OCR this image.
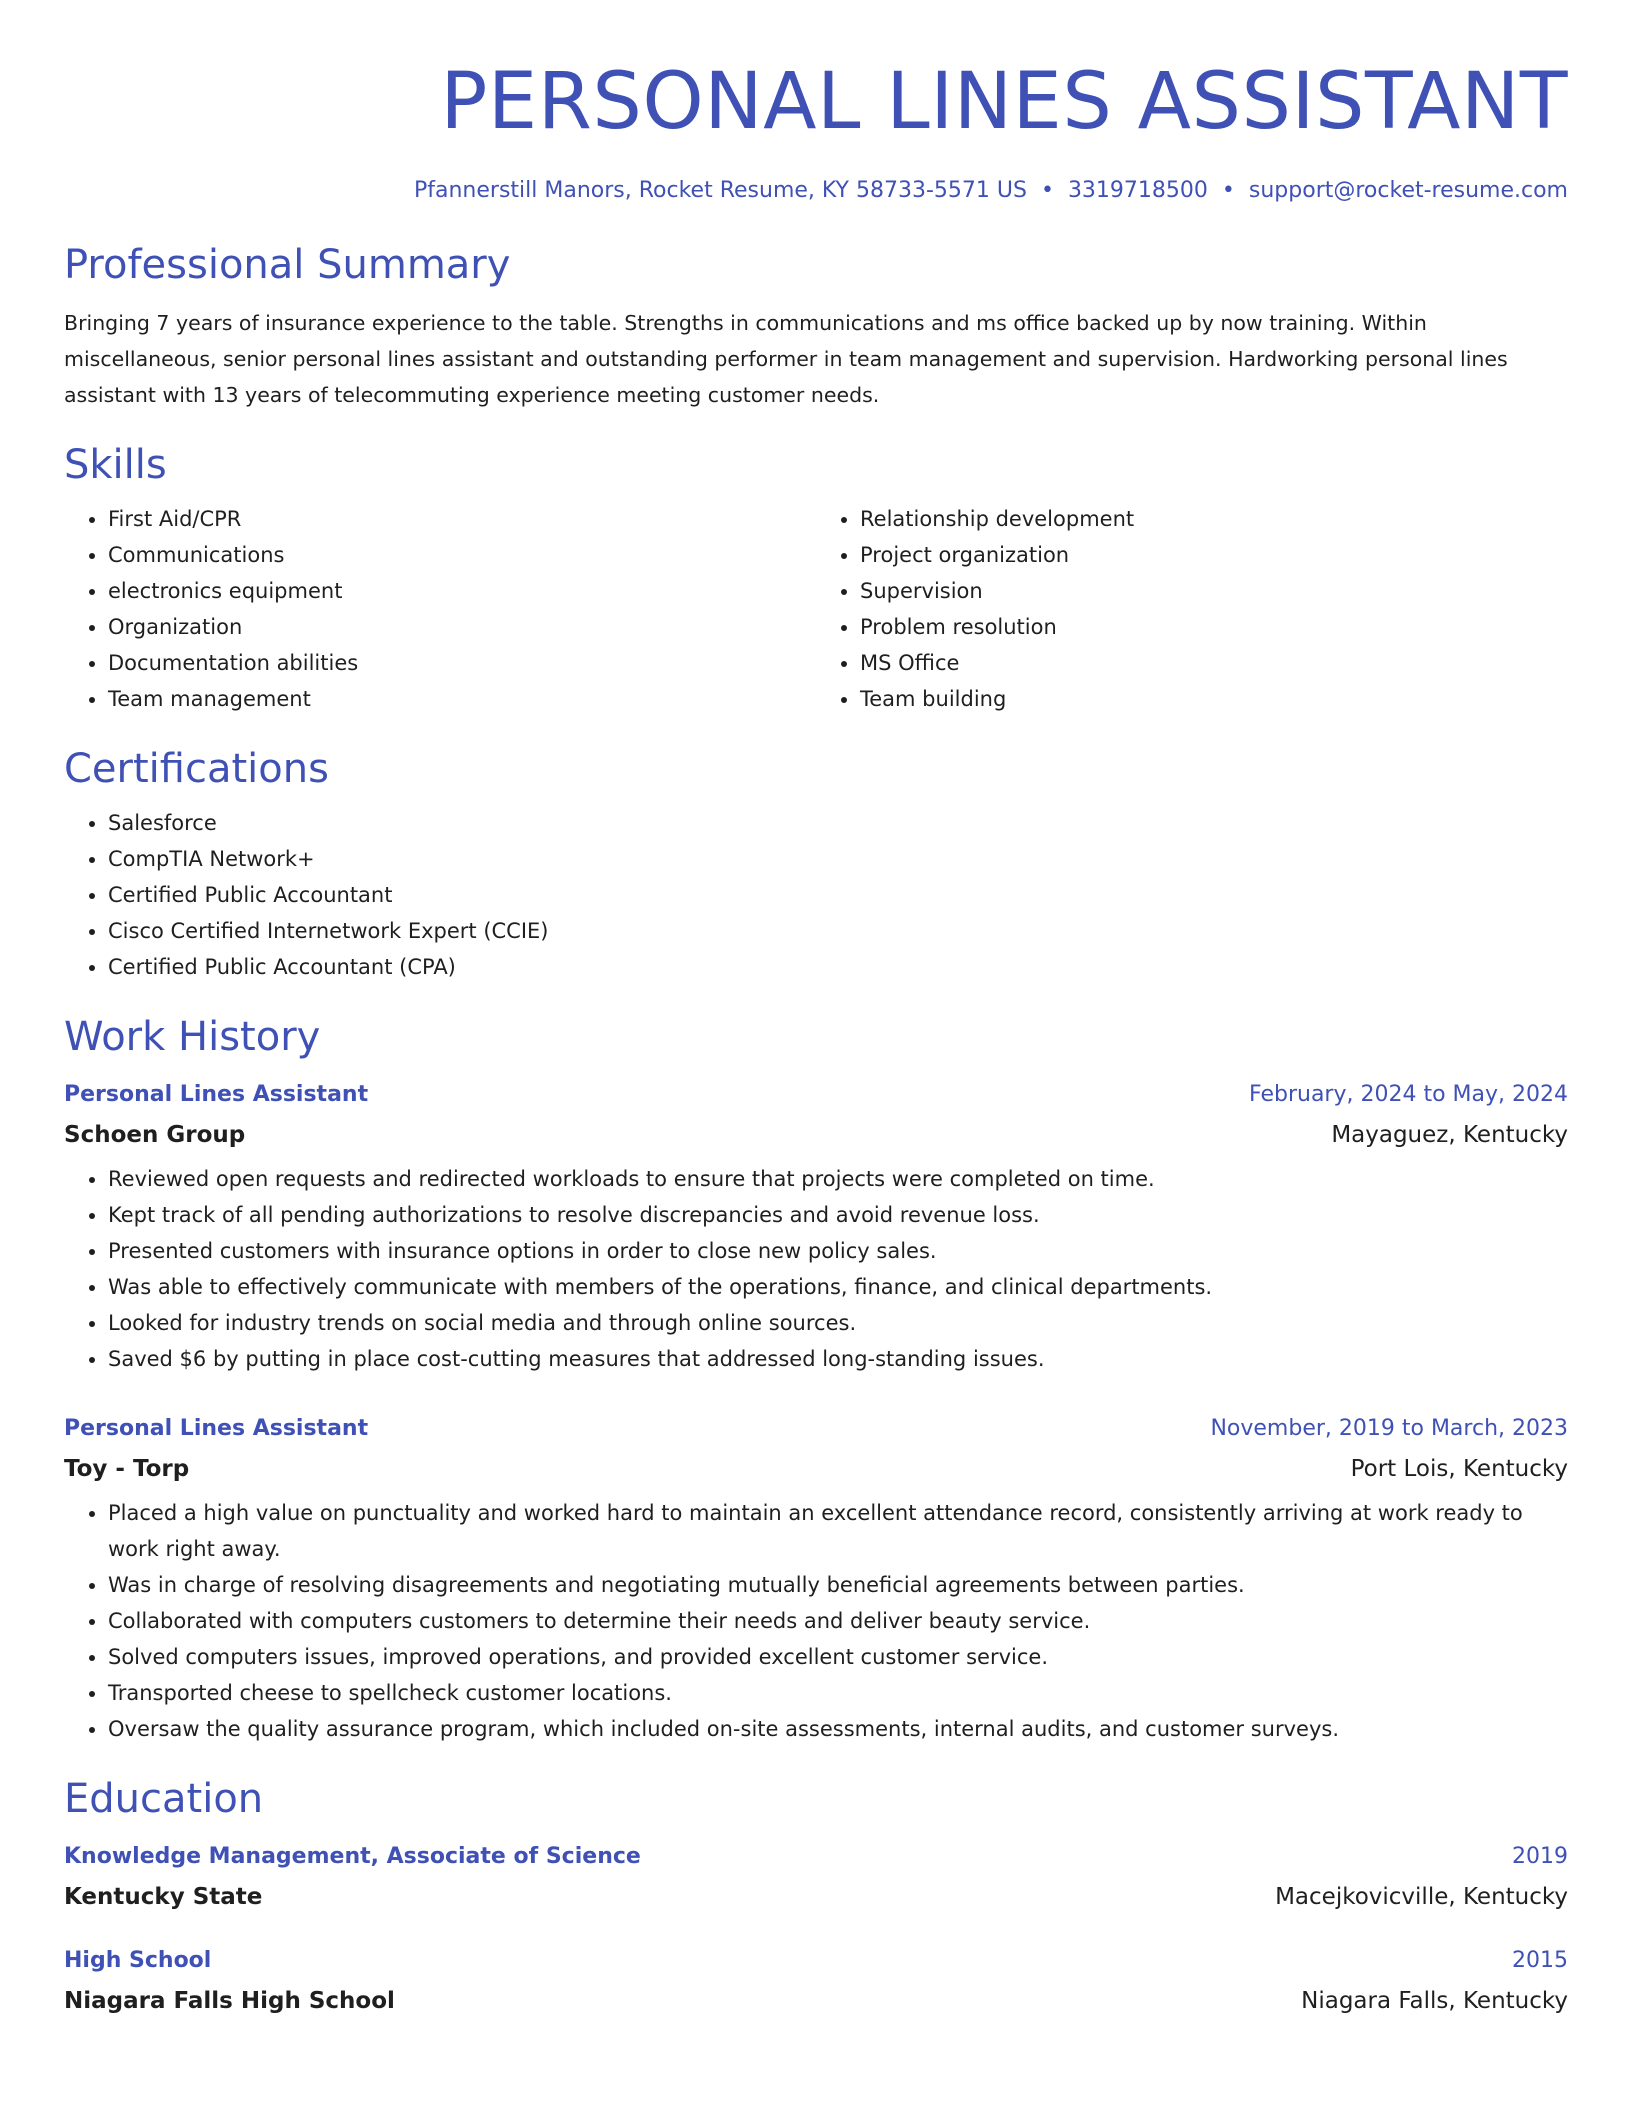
PERSONAL LINES ASSISTANT
Pfannerstill Manors, Rocket Resume, KY 58733-5571 US • 3319718500 • support@rocket-resume.com
Professional Summary
Bringing 7 years of insurance experience to the table. Strengths in communications and ms office backed up by now training. Within miscellaneous, senior personal lines assistant and outstanding performer in team management and supervision. Hardworking personal lines assistant with 13 years of telecommuting experience meeting customer needs.
Skills
• First Aid/CPR
• Communications
• electronics equipment
• Organization
• Documentation abilities
• Team management
• Relationship development
• Project organization
• Supervision
• Problem resolution
• MS Office
• Team building
Certifications
• Salesforce
• CompTIA Network+
• Certified Public Accountant
• Cisco Certified Internetwork Expert (CCIE)
• Certified Public Accountant (CPA)
Work History
Personal Lines Assistant	February, 2024 to May, 2024
Schoen Group	Mayaguez, Kentucky
• Reviewed open requests and redirected workloads to ensure that projects were completed on time.
• Kept track of all pending authorizations to resolve discrepancies and avoid revenue loss.
• Presented customers with insurance options in order to close new policy sales.
• Was able to effectively communicate with members of the operations, finance, and clinical departments.
• Looked for industry trends on social media and through online sources.
• Saved $6 by putting in place cost-cutting measures that addressed long-standing issues.
Personal Lines Assistant	November, 2019 to March, 2023
Toy - Torp	Port Lois, Kentucky
• Placed a high value on punctuality and worked hard to maintain an excellent attendance record, consistently arriving at work ready to work right away.
• Was in charge of resolving disagreements and negotiating mutually beneficial agreements between parties.
• Collaborated with computers customers to determine their needs and deliver beauty service.
• Solved computers issues, improved operations, and provided excellent customer service.
• Transported cheese to spellcheck customer locations.
• Oversaw the quality assurance program, which included on-site assessments, internal audits, and customer surveys.
Education
Knowledge Management, Associate of Science	2019
Kentucky State	Macejkovicville, Kentucky
High School	2015
Niagara Falls High School	Niagara Falls, Kentucky
